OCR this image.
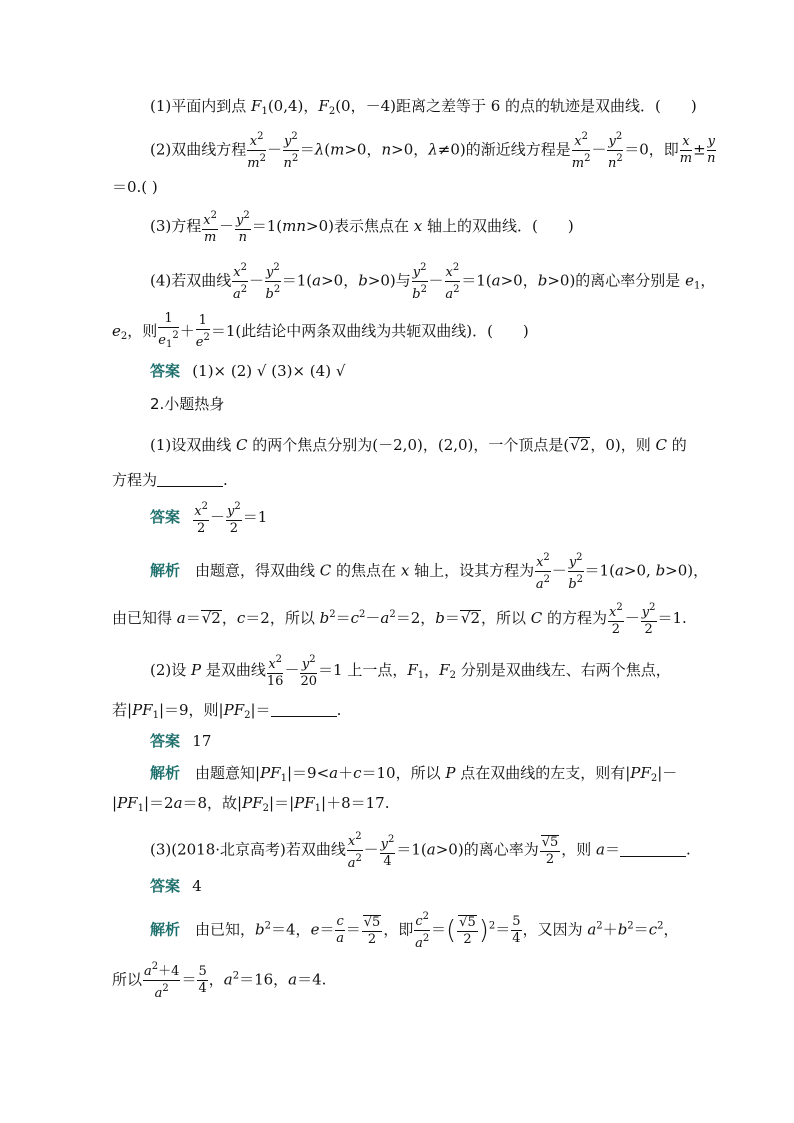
(1)平面内到点 $F_1(0,4)$，$F_2(0$，－4)距离之差等于 6 的点的轨迹是双曲线．(  )
(2)双曲线方程 $\frac{x^2}{m^2} - \frac{y^2}{n^2} =\lambda(m>0$，n>0，λ≠0)的渐近线方程是 $\frac{x^2}{m^2} - \frac{y^2}{n^2} =0$，即 $\frac{x}{m} \pm \frac{y}{n}$
＝0.( )
(3)方程 $\frac{x^2}{m} - \frac{y^2}{n} =1(mn>0)$表示焦点在 x 轴上的双曲线．(  )
(4)若双曲线 $\frac{x^2}{a^2} - \frac{y^2}{b^2} =1(a>0$，b>0)与 $\frac{y^2}{b^2} - \frac{x^2}{a^2} =1(a>0$，b>0)的离心率分别是 $e_1$，
$e_2$，则 $\frac{1}{e_1^2} + \frac{1}{e^2} =1$(此结论中两条双曲线为共轭双曲线)．(  )
答案  (1)× (2) √ (3)× (4) √
2.小题热身
(1)设双曲线 C 的两个焦点分别为(－2,0)，(2,0)，一个顶点是(√2，0)，则 C 的
方程为	.
答案  $\frac{x^2}{2} - \frac{y^2}{2} =1$
解析 由题意，得双曲线 C 的焦点在 x 轴上，设其方程为 $\frac{x^2}{a^2} - \frac{y^2}{b^2} =1(a>0$, b>0)，
由已知得 a＝√2，c＝2，所以 $b^2=c^2-a^2=2$，b＝√2，所以 C 的方程为 $\frac{x^2}{2} - \frac{y^2}{2} =1$.
(2)设 P 是双曲线 $\frac{x^2}{16} - \frac{y^2}{20} =1$ 上一点，$F_1$，$F_2$ 分别是双曲线左、右两个焦点，
若$|PF_1|=9$，则$|PF_2|=$	.
答案  17
解析 由题意知$|PF_1|=9<a+c=10$，所以 P 点在双曲线的左支，则有$|PF_2|-$
$|PF_1|=2a=8$，故$|PF_2|=|PF_1|+8=17$.
(3)(2018·北京高考)若双曲线 $\frac{x^2}{a^2} - \frac{y^2}{4} =1(a>0)$的离心率为 $\frac{√5}{2}$ ，则 a＝	.
答案  4
解析 由已知，$b^2=4$，$e= \frac{c}{a} = \frac{√5}{2}$ ，即 $\frac{c^2}{a^2}$ ＝( $\frac{√5}{2} )^2= \frac{5}{4}$ ，又因为 $a^2+b^2=c^2$，
所以 $\frac{a^2+4}{a^2} = \frac{5}{4}$ ，$a^2=16$，a＝4.
